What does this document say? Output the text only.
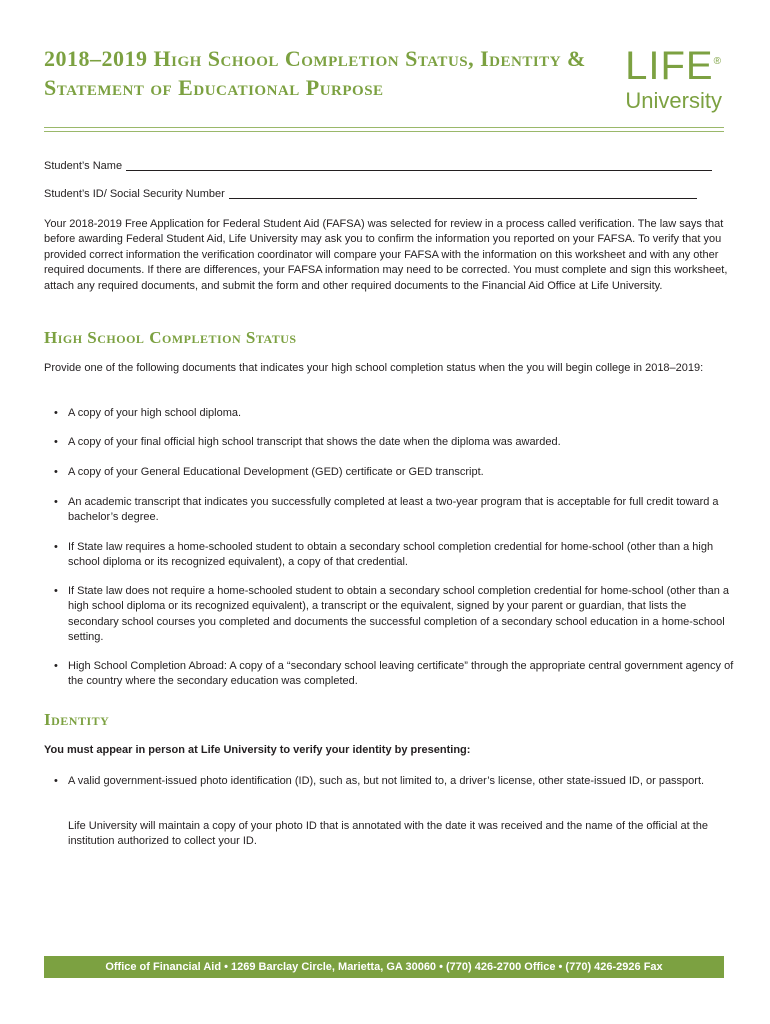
2018–2019 High School Completion Status, Identity & Statement of Educational Purpose	LIFE®
University
Student’s Name
Student’s ID/ Social Security Number

Your 2018-2019 Free Application for Federal Student Aid (FAFSA) was selected for review in a process called verification. The law says that before awarding Federal Student Aid, Life University may ask you to confirm the information you reported on your FAFSA. To verify that you provided correct information the verification coordinator will compare your FAFSA with the information on this worksheet and with any other required documents. If there are differences, your FAFSA information may need to be corrected. You must complete and sign this worksheet, attach any required documents, and submit the form and other required documents to the Financial Aid Office at Life University.

High School Completion Status

Provide one of the following documents that indicates your high school completion status when the you will begin college in 2018–2019:

• A copy of your high school diploma.
• A copy of your final official high school transcript that shows the date when the diploma was awarded.
• A copy of your General Educational Development (GED) certificate or GED transcript.
• An academic transcript that indicates you successfully completed at least a two-year program that is acceptable for full credit toward a bachelor’s degree.
• If State law requires a home-schooled student to obtain a secondary school completion credential for home-school (other than a high school diploma or its recognized equivalent), a copy of that credential.
• If State law does not require a home-schooled student to obtain a secondary school completion credential for home-school (other than a high school diploma or its recognized equivalent), a transcript or the equivalent, signed by your parent or guardian, that lists the secondary school courses you completed and documents the successful completion of a secondary school education in a home-school setting.
• High School Completion Abroad: A copy of a “secondary school leaving certificate” through the appropriate central government agency of the country where the secondary education was completed.
Identity
You must appear in person at Life University to verify your identity by presenting:
• A valid government-issued photo identification (ID), such as, but not limited to, a driver’s license, other state-issued ID, or passport.

Life University will maintain a copy of your photo ID that is annotated with the date it was received and the name of the official at the institution authorized to collect your ID.

Office of Financial Aid • 1269 Barclay Circle, Marietta, GA 30060 • (770) 426-2700 Office • (770) 426-2926 Fax
